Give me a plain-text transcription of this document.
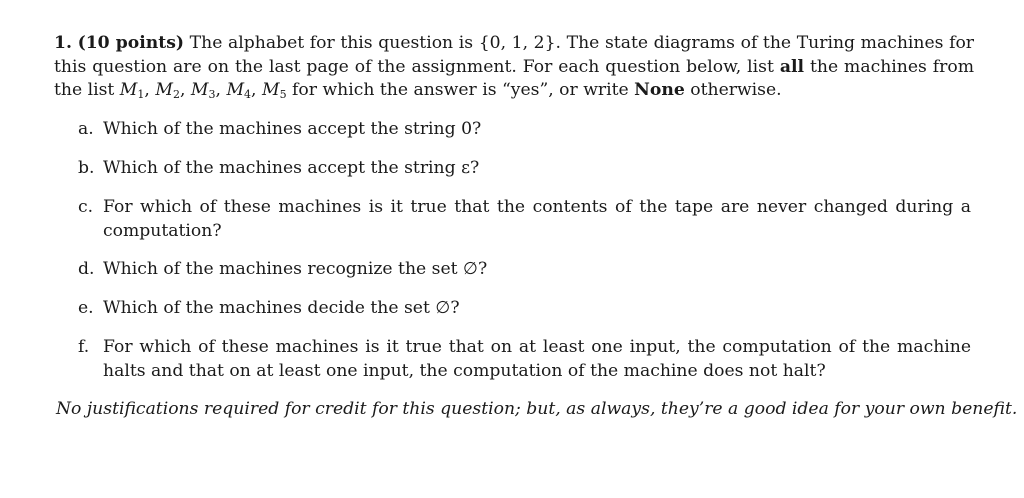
1. (10 points) The alphabet for this question is {0, 1, 2}. The state diagrams of the Turing machines for this question are on the last page of the assignment. For each question below, list all the machines from the list $M_1$, $M_2$, $M_3$, $M_4$, $M_5$ for which the answer is “yes”, or write None otherwise.
a. Which of the machines accept the string 0?
b. Which of the machines accept the string ε?
c. For which of these machines is it true that the contents of the tape are never changed during a computation?
d. Which of the machines recognize the set ∅?
e. Which of the machines decide the set ∅?
f. For which of these machines is it true that on at least one input, the computation of the machine halts and that on at least one input, the computation of the machine does not halt?
No justifications required for credit for this question; but, as always, they’re a good idea for your own benefit.
